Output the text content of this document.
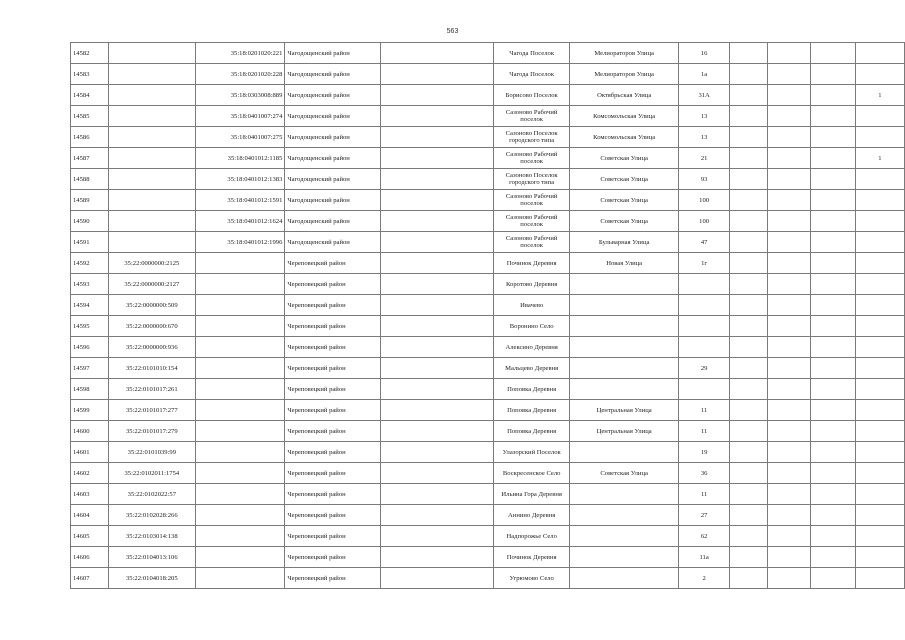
563
14582		35:18:0201020:221	Чагодощенский район		Чагода Поселок	Мелиораторов Улица	16				
14583		35:18:0201020:228	Чагодощенский район		Чагода Поселок	Мелиораторов Улица	1а				
14584		35:18:0303008:889	Чагодощенский район		Борисово Поселок	Октябрьская Улица	31А				1
14585		35:18:0401007:274	Чагодощенский район		Сазоново Рабочий поселок	Комсомольская Улица	13				
14586		35:18:0401007:275	Чагодощенский район		Сазоново Поселок городского типа	Комсомольская Улица	13				
14587		35:18:0401012:1185	Чагодощенский район		Сазоново Рабочий поселок	Советская Улица	21				1
14588		35:18:0401012:1383	Чагодощенский район		Сазоново Поселок городского типа	Советская Улица	93				
14589		35:18:0401012:1591	Чагодощенский район		Сазоново Рабочий поселок	Советская Улица	100				
14590		35:18:0401012:1624	Чагодощенский район		Сазоново Рабочий поселок	Советская Улица	100				
14591		35:18:0401012:1996	Чагодощенский район		Сазоново Рабочий поселок	Бульварная Улица	47				
14592	35:22:0000000:2125		Череповецкий район		Починок Деревня	Новая Улица	1г				
14593	35:22:0000000:2127		Череповецкий район		Коротово Деревня						
14594	35:22:0000000:509		Череповецкий район		Ивачево						
14595	35:22:0000000:670		Череповецкий район		Воронино Село						
14596	35:22:0000000:936		Череповецкий район		Алексино Деревня						
14597	35:22:0101010:154		Череповецкий район		Мальцево Деревня		29				
14598	35:22:0101017:261		Череповецкий район		Поповка Деревня						
14599	35:22:0101017:277		Череповецкий район		Поповка Деревня	Центральная Улица	11				
14600	35:22:0101017:279		Череповецкий район		Поповка Деревня	Центральная Улица	11				
14601	35:22:0101039:99		Череповецкий район		Улазорский Поселок		19				
14602	35:22:0102011:1754		Череповецкий район		Воскресенское Село	Советская Улица	36				
14603	35:22:0102022:57		Череповецкий район		Ильина Гора Деревня		11				
14604	35:22:0102028:266		Череповецкий район		Аннино Деревня		27				
14605	35:22:0103014:138		Череповецкий район		Надпорожье Село		62				
14606	35:22:0104013:106		Череповецкий район		Починок Деревня		11а				
14607	35:22:0104018:205		Череповецкий район		Угрюмово Село		2				
